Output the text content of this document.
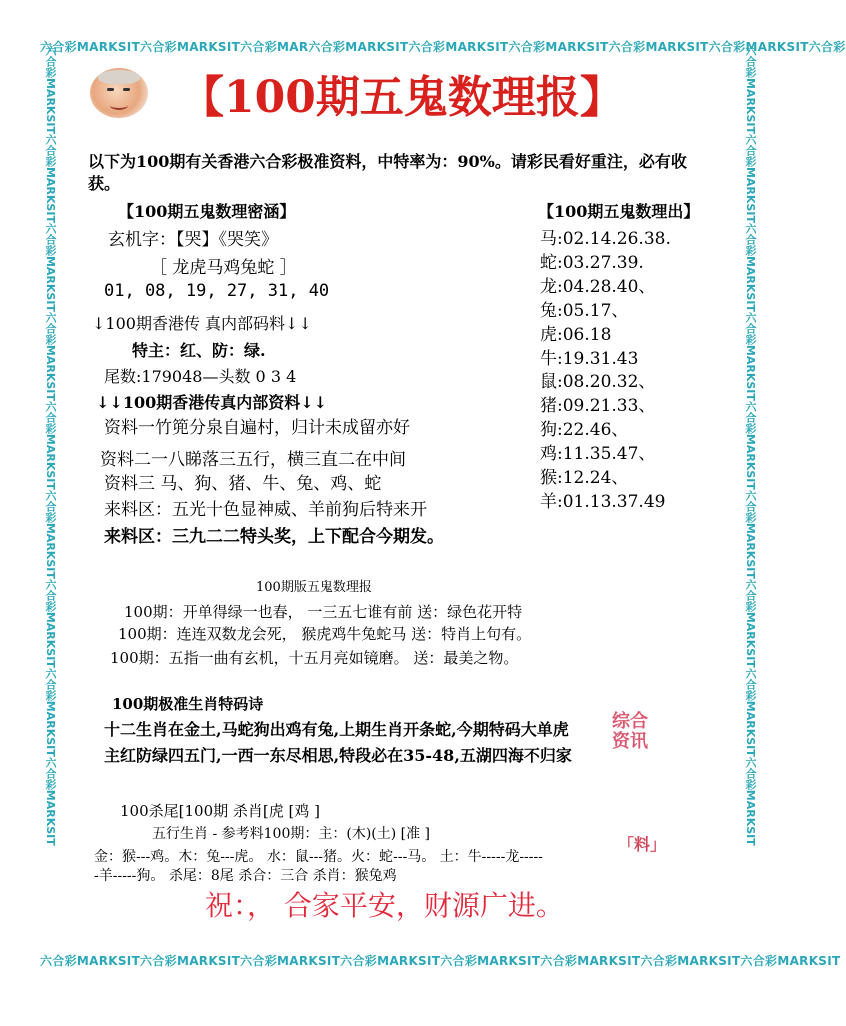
六合彩MARKSIT六合彩MARKSIT六合彩MAR六合彩MARKSIT六合彩MARKSIT六合彩MARKSIT六合彩MARKSIT六合彩MARKSIT六合彩
六合彩MARKSIT六合彩MARKSIT六合彩MARKSIT六合彩MARKSIT六合彩MARKSIT六合彩MARKSIT六合彩MARKSIT六合彩MARKSIT
六合彩MARKSIT六合彩MARKSIT六合彩MARKSIT六合彩MARKSIT六合彩MARKSIT六合彩MARKSIT六合彩MARKSIT六合彩MARKSIT六合彩MARKSIT	六合彩MARKSIT六合彩MARKSIT六合彩MARKSIT六合彩MARKSIT六合彩MARKSIT六合彩MARKSIT六合彩MARKSIT六合彩MARKSIT六合彩MARKSIT
【100期五鬼数理报】
以下为100期有关香港六合彩极准资料，中特率为：90%。请彩民看好重注，必有收
获。
【100期五鬼数理密涵】
玄机字：【哭】《哭笑》
［ 龙虎马鸡兔蛇 ］
01, 08, 19, 27, 31, 40
↓100期香港传 真内部码料↓↓
特主：红、防：绿.
尾数:179048—头数 0 3 4
↓↓100期香港传真内部资料↓↓
资料一竹篼分泉自遍村，归计未成留亦好
资料二一八睇落三五行，横三直二在中间
资料三 马、狗、猪、牛、兔、鸡、蛇
来料区：五光十色显神威、羊前狗后特来开
来料区：三九二二特头奖，上下配合今期发。
【100期五鬼数理出】
马:02.14.26.38.
蛇:03.27.39.
龙:04.28.40、
兔:05.17、
虎:06.18
牛:19.31.43
鼠:08.20.32、
猪:09.21.33、
狗:22.46、
鸡:11.35.47、
猴:12.24、
羊:01.13.37.49
100期版五鬼数理报
100期：开单得绿一也春， 一三五七谁有前 送：绿色花开特
100期：连连双数龙会死， 猴虎鸡牛兔蛇马 送：特肖上句有。
100期：五指一曲有玄机，十五月亮如镜磨。 送：最美之物。
100期极准生肖特码诗
十二生肖在金土,马蛇狗出鸡有兔,上期生肖开条蛇,今期特码大单虎
主红防绿四五门,一西一东尽相思,特段必在35-48,五湖四海不归家
综合
资讯
100杀尾[100期 杀肖[虎 [鸡 ]
五行生肖 - 参考料100期：主：(木)(土) [准 ]
金：猴---鸡。木：兔---虎。 水：鼠---猪。火：蛇---马。 土：牛-----龙-----
-羊-----狗。 杀尾：8尾 杀合：三合 杀肖：猴兔鸡
「料」
祝：， 合家平安，财源广进。
